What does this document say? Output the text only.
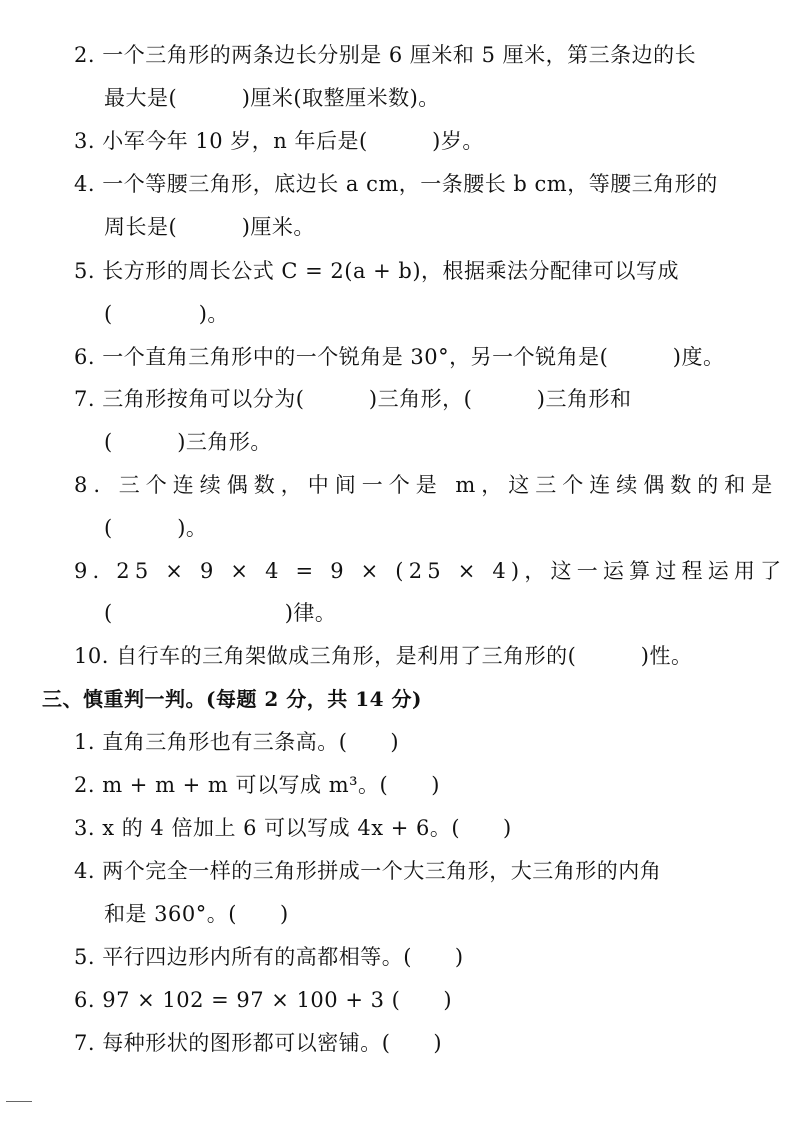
2. 一个三角形的两条边长分别是 6 厘米和 5 厘米，第三条边的长
最大是(　　　)厘米(取整厘米数)。
3. 小军今年 10 岁，n 年后是(　　　)岁。
4. 一个等腰三角形，底边长 a cm，一条腰长 b cm，等腰三角形的
周长是(　　　)厘米。
5. 长方形的周长公式 C = 2(a + b)，根据乘法分配律可以写成
(　　　　)。
6. 一个直角三角形中的一个锐角是 30°，另一个锐角是(　　　)度。
7. 三角形按角可以分为(　　　)三角形，(　　　)三角形和
(　　　)三角形。
8. 三个连续偶数，中间一个是 m，这三个连续偶数的和是
(　　　)。
9. 25 × 9 × 4 = 9 × (25 × 4)，这一运算过程运用了
(　　　　　　　　)律。
10. 自行车的三角架做成三角形，是利用了三角形的(　　　)性。
三、慎重判一判。(每题 2 分，共 14 分)
1. 直角三角形也有三条高。(　　)
2. m + m + m 可以写成 m³。(　　)
3. x 的 4 倍加上 6 可以写成 4x + 6。(　　)
4. 两个完全一样的三角形拼成一个大三角形，大三角形的内角
和是 360°。(　　)
5. 平行四边形内所有的高都相等。(　　)
6. 97 × 102 = 97 × 100 + 3 (　　)
7. 每种形状的图形都可以密铺。(　　)
